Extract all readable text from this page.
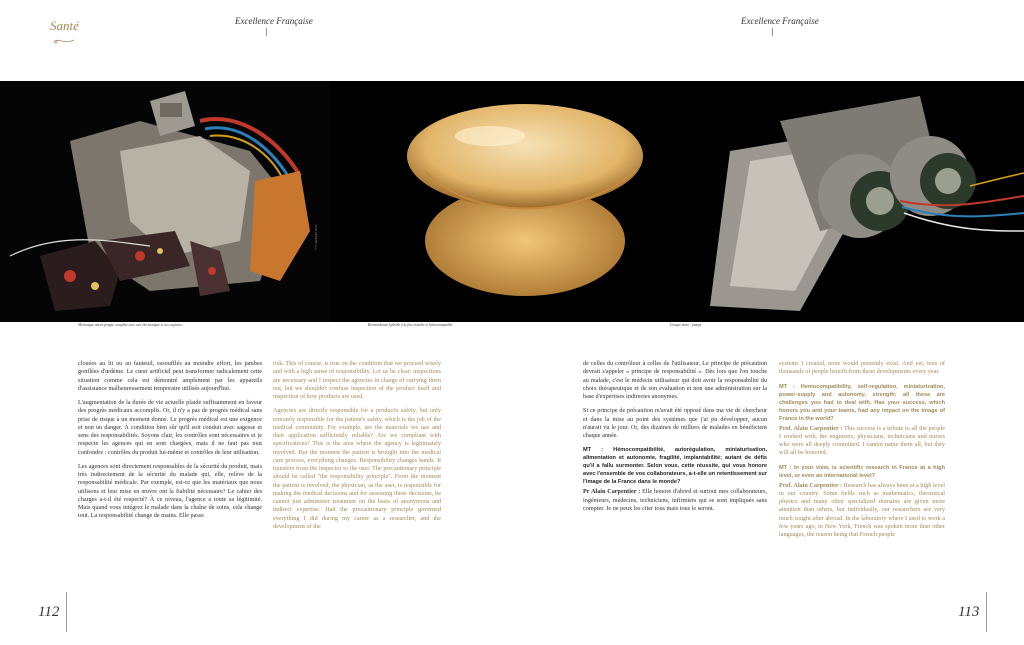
Santé	Excellence Française	Excellence Française
© CARMAT 2011
Mécanique micro-pompe complète avec son électronique et ses capteurs.	Biomembrane hybride à la fois étanche et hémocompatible	Groupe moto - pompe

clouées au lit ou au fauteuil, essoufflés au moindre effort, les jambes gonflées d'œdème. Le cœur artificiel peut transformer radicalement cette situation comme cela est démontré amplement par les appareils d'assistance malheureusement temporaire utilisés aujourd'hui.

L'augmentation de la durée de vie actuelle plaide suffisamment en faveur des progrès médicaux accomplis. Or, il n'y a pas de progrès médical sans prise de risque à un moment donné. Le progrès médical est une exigence et non un danger. À condition bien sûr qu'il soit conduit avec sagesse et sens des responsabilités. Soyons clair, les contrôles sont nécessaires et je respecte les agences qui en sont chargées, mais il ne faut pas tout confondre : contrôles du produit lui-même et contrôles de leur utilisation.

Les agences sont directement responsables de la sécurité du produit, mais très indirectement de la sécurité du malade qui, elle, relève de la responsabilité médicale. Par exemple, est-ce que les matériaux que nous utilisons et leur mise en œuvre ont la fiabilité nécessaire? Le cahier des charges a-t-il été respecté? À ce niveau, l'agence a toute sa légitimité. Mais quand vous intégrez le malade dans la chaîne de soins, cela change tout. La responsabilité change de mains. Elle passe

risk. This of course, is true on the condition that we proceed wisely and with a high sense of responsibility. Let us be clear: inspections are necessary and I respect the agencies in charge of carrying them out, but we shouldn't confuse inspection of the product itself and inspection of how products are used.

Agencies are directly responsible for a product's safety, but only remotely responsible for the patient's safety, which is the job of the medical community. For example, are the materials we use and their application sufficiently reliable? Are we compliant with specifications? This is the area where the agency is legitimately involved. But the moment the patient is brought into the medical care process, everything changes. Responsibility changes hands. It transfers from the inspector to the user. The precautionary principle should be called "the responsibility principle". From the moment the patient is involved, the physician, as the user, is responsible for making the medical decisions and for assessing these decisions, he cannot just administer treatment on the basis of anonymous and indirect expertise. Had the precautionary principle governed everything I did during my career as a researcher, and the development of the

de celles du contrôleur à celles de l'utilisateur. Le principe de précaution devrait s'appeler « principe de responsabilité ». Dès lors que l'on touche au malade, c'est le médecin utilisateur qui doit avoir la responsabilité du choix thérapeutique et de son évaluation et non une administration sur la base d'expertises indirectes anonymes.

Si ce principe de précaution m'avait été opposé dans ma vie de chercheur et dans la mise au point des systèmes que j'ai pu développer, aucun n'aurait vu le jour. Or, des dizaines de milliers de malades en bénéficient chaque année.

MT : Hémocompatibilité, autorégulation, miniaturisation, alimentation et autonomie, fragilité, implantabilité; autant de défis qu'il a fallu surmonter. Selon vous, cette réussite, qui vous honore avec l'ensemble de vos collaborateurs, a-t-elle un retentissement sur l'image de la France dans le monde?

Pr Alain Carpentier : Elle honore d'abord et surtout mes collaborateurs, ingénieurs, médecins, techniciens, infirmiers qui se sont impliqués sans compter. Je ne peux les citer tous mais tous le seront.

systems I created, none would presently exist. And yet, tens of thousands of people benefit from these developments every year.

MT : Hemocompatibility, self-regulation, miniaturization, power-supply and autonomy, strength; all these are challenges you had to deal with. Has your success, which honors you and your teams, had any impact on the image of France in the world?

Prof. Alain Carpentier : This success is a tribute to all the people I worked with, the engineers, physicians, technicians and nurses who were all deeply committed. I cannot name them all, but they will all be honored.

MT : In your view, is scientific research in France at a high level, or even an international level?

Prof. Alain Carpentier : Research has always been at a high level in our country. Some fields such as mathematics, theoretical physics and many other specialized domains are given more attention than others, but individually, our researchers are very much sought after abroad. In the laboratory where I used to work a few years ago, in New York, French was spoken more than other languages, the reason being that French people

112	113
